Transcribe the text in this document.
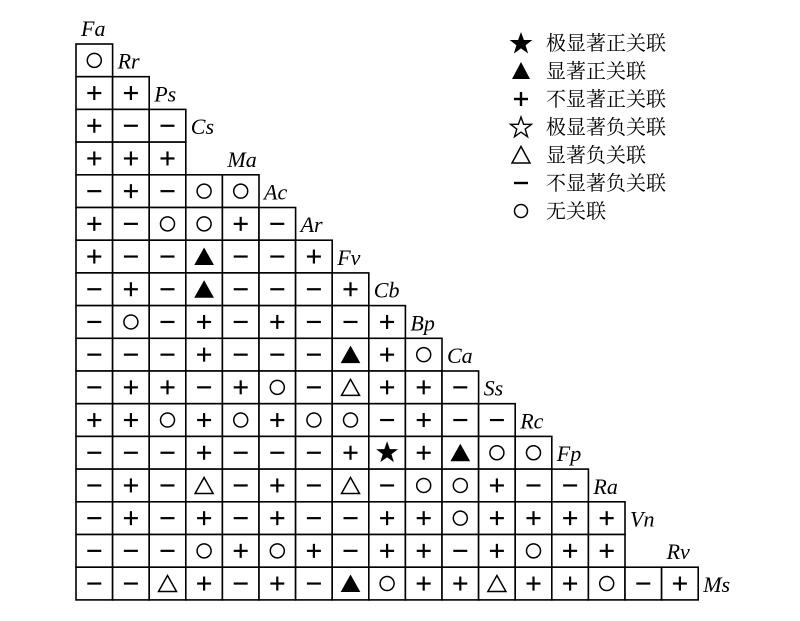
Fa
Rr
Ps
Cs
Ma
Ac
Ar
Fv
Cb
Bp
Ca
Ss
Rc
Fp
Ra
Vn
Rv
Ms
极显著正关联
显著正关联
不显著正关联
极显著负关联
显著负关联
不显著负关联
无关联
